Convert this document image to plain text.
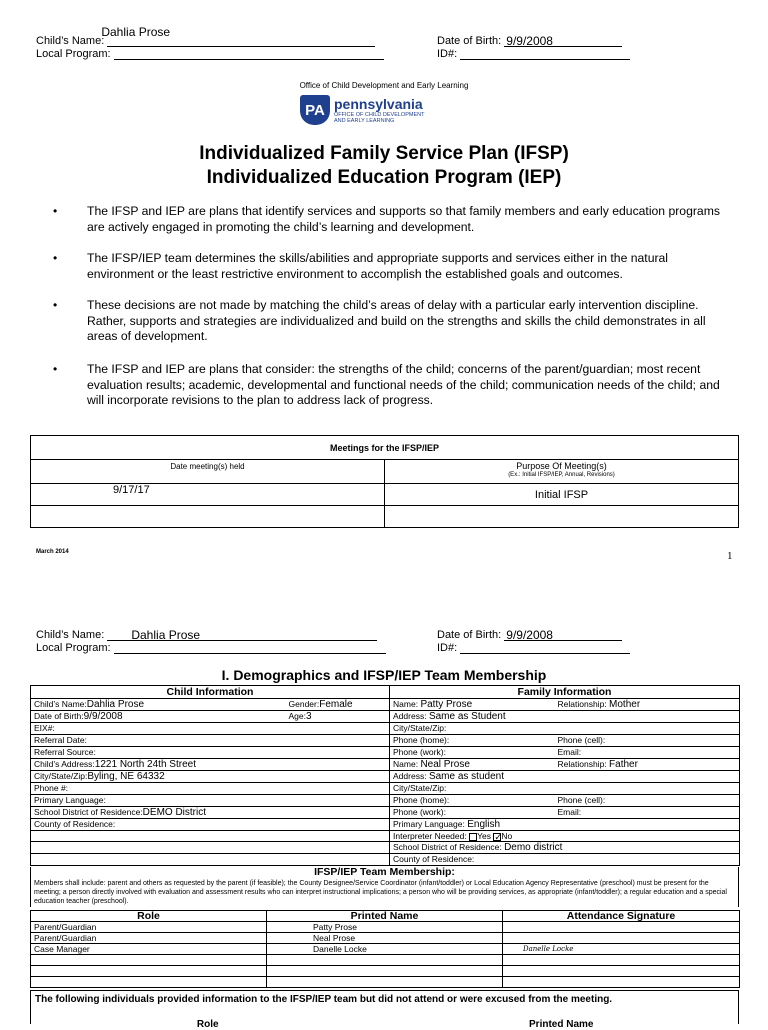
Child’s Name:
Dahlia Prose
Local Program:
Date of Birth: 9/9/2008
ID#:
Office of Child Development and Early Learning
PA pennsylvania
OFFICE OF CHILD DEVELOPMENT
AND EARLY LEARNING
Individualized Family Service Plan (IFSP)
Individualized Education Program (IEP)
• The IFSP and IEP are plans that identify services and supports so that family members and early education programs are actively engaged in promoting the child’s learning and development.
• The IFSP/IEP team determines the skills/abilities and appropriate supports and services either in the natural environment or the least restrictive environment to accomplish the established goals and outcomes.
• These decisions are not made by matching the child’s areas of delay with a particular early intervention discipline. Rather, supports and strategies are individualized and build on the strengths and skills the child demonstrates in all areas of development.
• The IFSP and IEP are plans that consider: the strengths of the child; concerns of the parent/guardian; most recent evaluation results; academic, developmental and functional needs of the child; communication needs of the child; and will incorporate revisions to the plan to address lack of progress.
Meetings for the IFSP/IEP	
Date meeting(s) held	Purpose Of Meeting(s)
(Ex.: Initial IFSP/IEP, Annual, Revisions)

9/17/17	Initial IFSP

March 2014	1
Child’s Name: Dahlia Prose
Local Program:
Date of Birth: 9/9/2008
ID#:
I. Demographics and IFSP/IEP Team Membership
Child Information		Family Information	
Child’s Name:Dahlia Prose	Gender:Female	Name: Patty Prose	Relationship: Mother
Date of Birth:9/9/2008	Age:3	Address: Same as Student	
EIX#:		City/State/Zip:	
Referral Date:		Phone (home):	Phone (cell):
Referral Source:		Phone (work):	Email:
Child’s Address:1221 North 24th Street		Name: Neal Prose	Relationship: Father
City/State/Zip:Byling, NE 64332		Address: Same as student	
Phone #:		City/State/Zip:	
Primary Language:		Phone (home):	Phone (cell):
School District of Residence:DEMO District		Phone (work):	Email:
County of Residence:		Primary Language: English	
		Interpreter Needed: Yes ✓No	
		School District of Residence: Demo district	
		County of Residence:	
IFSP/IEP Team Membership:
Members shall include: parent and others as requested by the parent (if feasible); the County Designee/Service Coordinator (infant/toddler) or Local Education Agency Representative (preschool) must be present for the meeting; a person directly involved with evaluation and assessment results who can interpret instructional implications; a person who will be providing services, as appropriate (infant/toddler); a regular education and a special education teacher (preschool).
Role	Printed Name	Attendance Signature
Parent/Guardian	Patty Prose	
Parent/Guardian	Neal Prose	
Case Manager	Danelle Locke	Danelle Locke

The following individuals provided information to the IFSP/IEP team but did not attend or were excused from the meeting.
Role	Printed Name
